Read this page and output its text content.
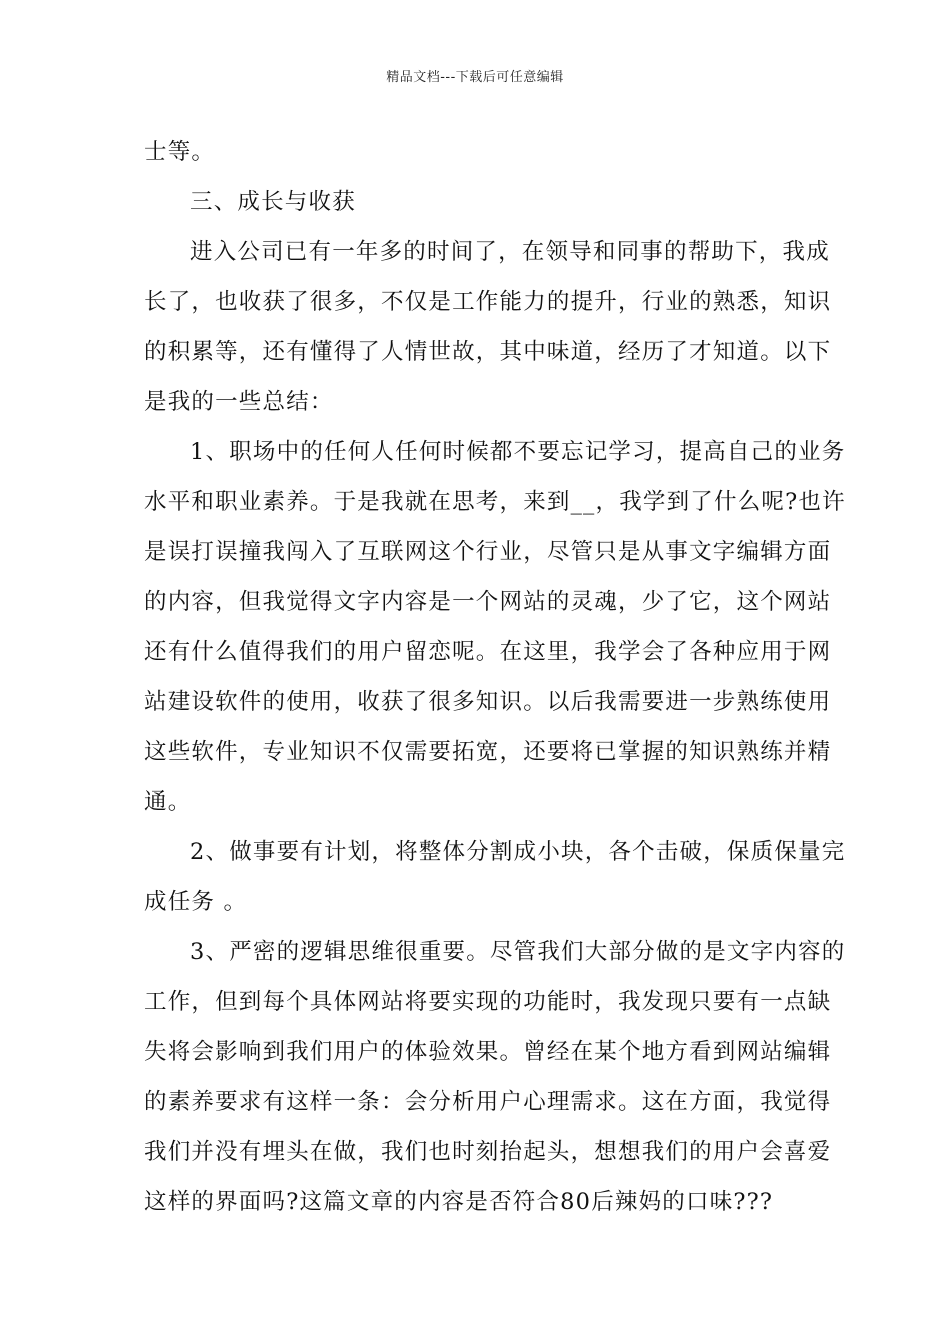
精品文档---下载后可任意编辑
士等。
三、成长与收获
进入公司已有一年多的时间了，在领导和同事的帮助下，我成
长了，也收获了很多，不仅是工作能力的提升，行业的熟悉，知识
的积累等，还有懂得了人情世故，其中味道，经历了才知道。以下
是我的一些总结：
1、职场中的任何人任何时候都不要忘记学习，提高自己的业务
水平和职业素养。于是我就在思考，来到__，我学到了什么呢?也许
是误打误撞我闯入了互联网这个行业，尽管只是从事文字编辑方面
的内容，但我觉得文字内容是一个网站的灵魂，少了它，这个网站
还有什么值得我们的用户留恋呢。在这里，我学会了各种应用于网
站建设软件的使用，收获了很多知识。以后我需要进一步熟练使用
这些软件，专业知识不仅需要拓宽，还要将已掌握的知识熟练并精
通。
2、做事要有计划，将整体分割成小块，各个击破，保质保量完
成任务 。
3、严密的逻辑思维很重要。尽管我们大部分做的是文字内容的
工作，但到每个具体网站将要实现的功能时，我发现只要有一点缺
失将会影响到我们用户的体验效果。曾经在某个地方看到网站编辑
的素养要求有这样一条：会分析用户心理需求。这在方面，我觉得
我们并没有埋头在做，我们也时刻抬起头，想想我们的用户会喜爱
这样的界面吗?这篇文章的内容是否符合80后辣妈的口味???
